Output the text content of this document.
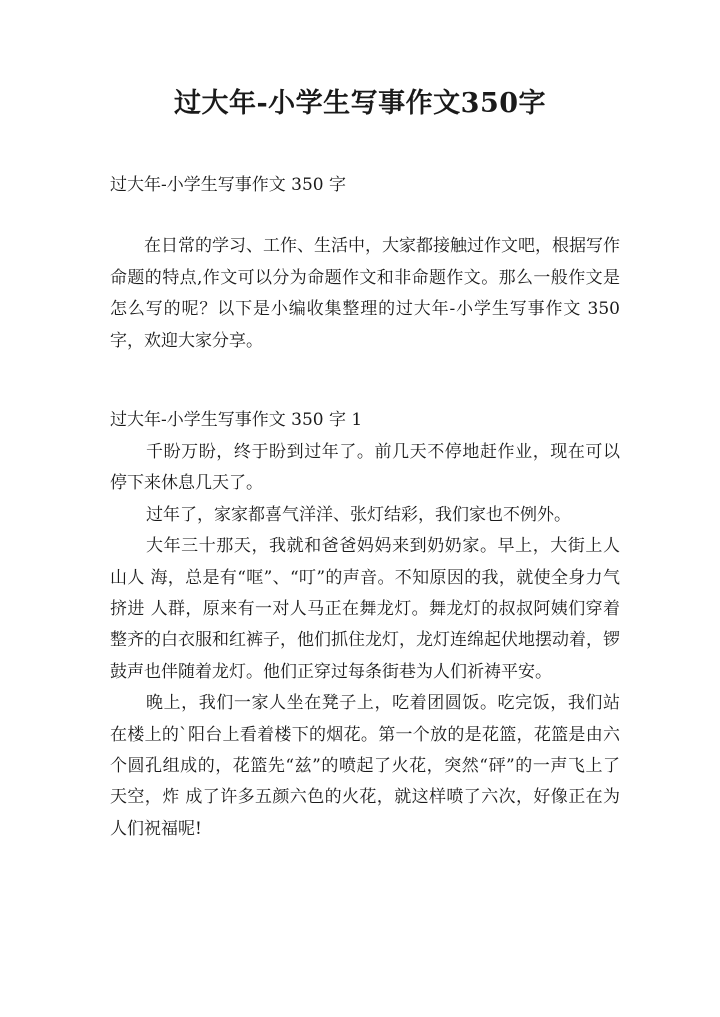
过大年-小学生写事作文350字
过大年-小学生写事作文 350 字
在日常的学习、工作、生活中，大家都接触过作文吧，根据写作命题的特点,作文可以分为命题作文和非命题作文。那么一般作文是怎么写的呢？以下是小编收集整理的过大年-小学生写事作文 350 字，欢迎大家分享。
过大年-小学生写事作文 350 字 1

千盼万盼，终于盼到过年了。前几天不停地赶作业，现在可以停下来休息几天了。

过年了，家家都喜气洋洋、张灯结彩，我们家也不例外。

大年三十那天，我就和爸爸妈妈来到奶奶家。早上，大街上人山人 海，总是有“哐”、“叮”的声音。不知原因的我，就使全身力气挤进 人群，原来有一对人马正在舞龙灯。舞龙灯的叔叔阿姨们穿着整齐的白衣服和红裤子，他们抓住龙灯，龙灯连绵起伏地摆动着，锣鼓声也伴随着龙灯。他们正穿过每条街巷为人们祈祷平安。

晚上，我们一家人坐在凳子上，吃着团圆饭。吃完饭，我们站在楼上的`阳台上看着楼下的烟花。第一个放的是花篮，花篮是由六个圆孔组成的，花篮先“兹”的喷起了火花，突然“砰”的一声飞上了天空，炸 成了许多五颜六色的火花，就这样喷了六次，好像正在为人们祝福呢!
